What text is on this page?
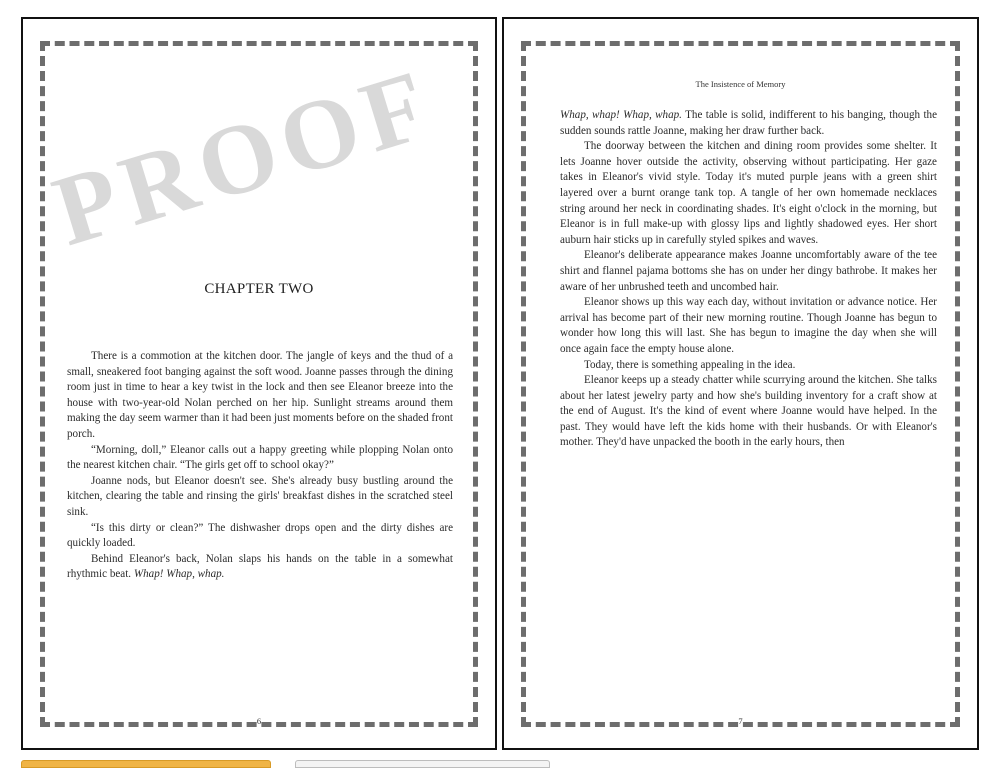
PROOF
CHAPTER TWO

There is a commotion at the kitchen door. The jangle of keys and the thud of a small, sneakered foot banging against the soft wood. Joanne passes through the dining room just in time to hear a key twist in the lock and then see Eleanor breeze into the house with two-year-old Nolan perched on her hip. Sunlight streams around them making the day seem warmer than it had been just moments before on the shaded front porch.

“Morning, doll,” Eleanor calls out a happy greeting while plopping Nolan onto the nearest kitchen chair. “The girls get off to school okay?”

Joanne nods, but Eleanor doesn't see. She's already busy bustling around the kitchen, clearing the table and rinsing the girls' breakfast dishes in the scratched steel sink.

“Is this dirty or clean?” The dishwasher drops open and the dirty dishes are quickly loaded.

Behind Eleanor's back, Nolan slaps his hands on the table in a somewhat rhythmic beat. Whap! Whap, whap.

6
The Insistence of Memory

Whap, whap! Whap, whap. The table is solid, indifferent to his banging, though the sudden sounds rattle Joanne, making her draw further back.

The doorway between the kitchen and dining room provides some shelter. It lets Joanne hover outside the activity, observing without participating. Her gaze takes in Eleanor's vivid style. Today it's muted purple jeans with a green shirt layered over a burnt orange tank top. A tangle of her own homemade necklaces string around her neck in coordinating shades. It's eight o'clock in the morning, but Eleanor is in full make-up with glossy lips and lightly shadowed eyes. Her short auburn hair sticks up in carefully styled spikes and waves.

Eleanor's deliberate appearance makes Joanne uncomfortably aware of the tee shirt and flannel pajama bottoms she has on under her dingy bathrobe. It makes her aware of her unbrushed teeth and uncombed hair.

Eleanor shows up this way each day, without invitation or advance notice. Her arrival has become part of their new morning routine. Though Joanne has begun to wonder how long this will last. She has begun to imagine the day when she will once again face the empty house alone.

Today, there is something appealing in the idea.

Eleanor keeps up a steady chatter while scurrying around the kitchen. She talks about her latest jewelry party and how she's building inventory for a craft show at the end of August. It's the kind of event where Joanne would have helped. In the past. They would have left the kids home with their husbands. Or with Eleanor's mother. They'd have unpacked the booth in the early hours, then

7
